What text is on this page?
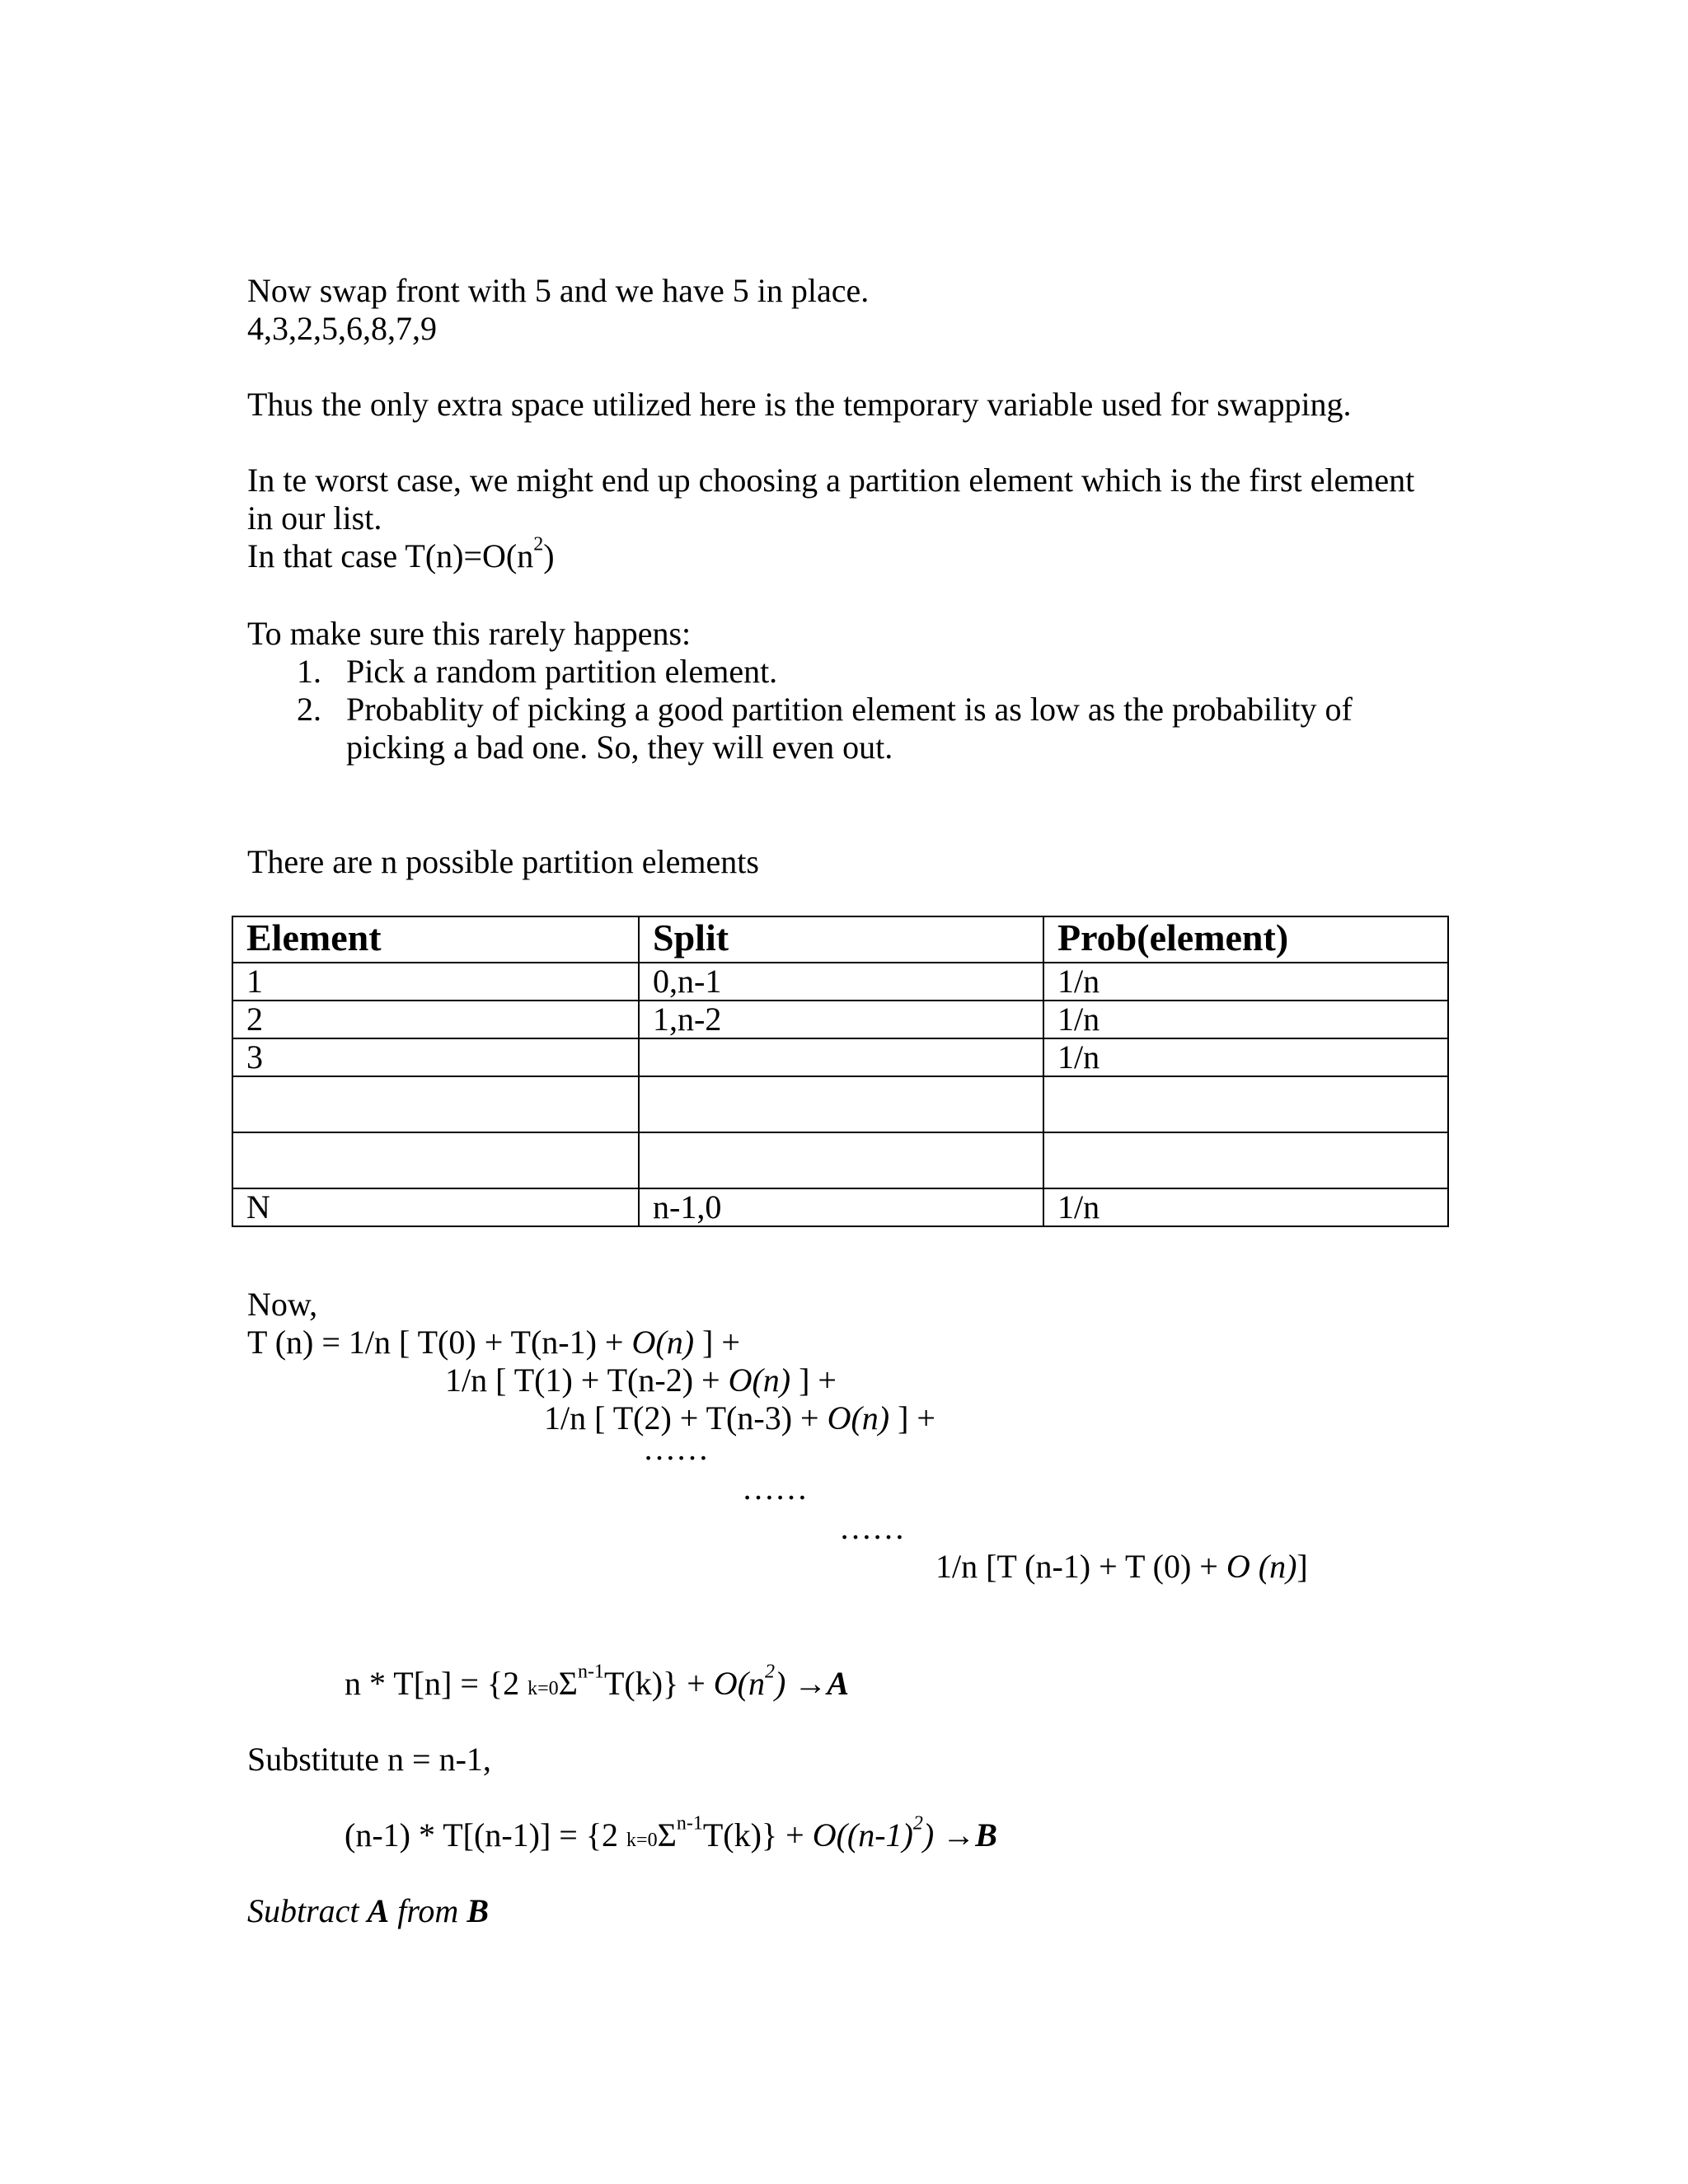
Now swap front with 5 and we have 5 in place.

4,3,2,5,6,8,7,9

Thus the only extra space utilized here is the temporary variable used for swapping.

In te worst case, we might end up choosing a partition element which is the first element

in our list.

In that case $T(n)=O(n^2)$

To make sure this rarely happens:

1. Pick a random partition element.
2. Probablity of picking a good partition element is as low as the probability of
picking a bad one. So, they will even out.

There are n possible partition elements

Element	Split	Prob(element)
1	0,n-1	1/n
2	1,n-2	1/n
3		1/n

N	n-1,0	1/n

Now,

T (n) = 1/n [ T(0) + T(n-1) + O(n) ] +

1/n [ T(1) + T(n-2) + O(n) ] +

1/n [ T(2) + T(n-3) + O(n) ] +

……

……

……

1/n [T (n-1) + T (0) + O (n)]

n * T[n] = {2 $k=0\Sigma^{n-1}T(k)\} + O(n^2) \to A$

Substitute n = n-1,

(n-1) * T[(n-1)] = {2 $k=0\Sigma^{n-1}T(k)\} + O((n-1)^2) \to B$

Subtract A from B
